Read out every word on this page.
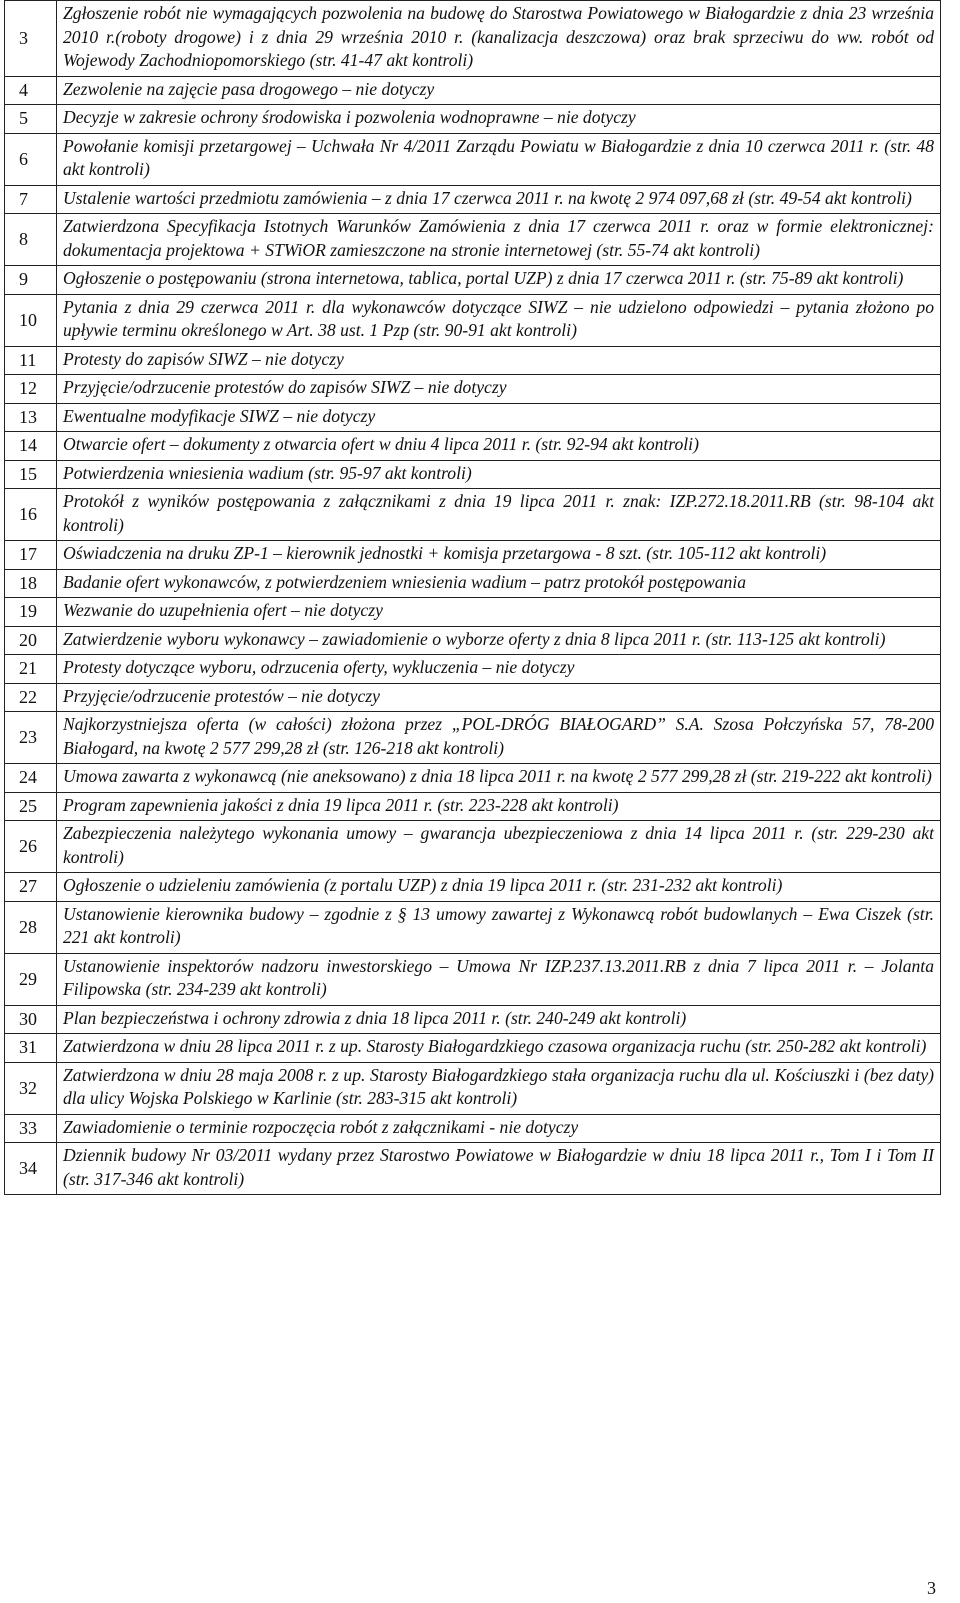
3	Zgłoszenie robót nie wymagających pozwolenia na budowę do Starostwa Powiatowego w Białogardzie z dnia 23 września 2010 r.(roboty drogowe) i z dnia 29 września 2010 r. (kanalizacja deszczowa) oraz brak sprzeciwu do ww. robót od Wojewody Zachodniopomorskiego (str. 41-47 akt kontroli)
4	Zezwolenie na zajęcie pasa drogowego – nie dotyczy
5	Decyzje w zakresie ochrony środowiska i pozwolenia wodnoprawne – nie dotyczy
6	Powołanie komisji przetargowej – Uchwała Nr 4/2011 Zarządu Powiatu w Białogardzie z dnia 10 czerwca 2011 r. (str. 48 akt kontroli)
7	Ustalenie wartości przedmiotu zamówienia – z dnia 17 czerwca 2011 r. na kwotę 2 974 097,68 zł (str. 49-54 akt kontroli)
8	Zatwierdzona Specyfikacja Istotnych Warunków Zamówienia z dnia 17 czerwca 2011 r. oraz w formie elektronicznej: dokumentacja projektowa + STWiOR zamieszczone na stronie internetowej (str. 55-74 akt kontroli)
9	Ogłoszenie o postępowaniu (strona internetowa, tablica, portal UZP) z dnia 17 czerwca 2011 r. (str. 75-89 akt kontroli)
10	Pytania z dnia 29 czerwca 2011 r. dla wykonawców dotyczące SIWZ – nie udzielono odpowiedzi – pytania złożono po upływie terminu określonego w Art. 38 ust. 1 Pzp (str. 90-91 akt kontroli)
11	Protesty do zapisów SIWZ – nie dotyczy
12	Przyjęcie/odrzucenie protestów do zapisów SIWZ – nie dotyczy
13	Ewentualne modyfikacje SIWZ – nie dotyczy
14	Otwarcie ofert – dokumenty z otwarcia ofert w dniu 4 lipca 2011 r. (str. 92-94 akt kontroli)
15	Potwierdzenia wniesienia wadium (str. 95-97 akt kontroli)
16	Protokół z wyników postępowania z załącznikami z dnia 19 lipca 2011 r. znak: IZP.272.18.2011.RB (str. 98-104 akt kontroli)
17	Oświadczenia na druku ZP-1 – kierownik jednostki + komisja przetargowa - 8 szt. (str. 105-112 akt kontroli)
18	Badanie ofert wykonawców, z potwierdzeniem wniesienia wadium – patrz protokół postępowania
19	Wezwanie do uzupełnienia ofert – nie dotyczy
20	Zatwierdzenie wyboru wykonawcy – zawiadomienie o wyborze oferty z dnia 8 lipca 2011 r. (str. 113-125 akt kontroli)
21	Protesty dotyczące wyboru, odrzucenia oferty, wykluczenia – nie dotyczy
22	Przyjęcie/odrzucenie protestów – nie dotyczy
23	Najkorzystniejsza oferta (w całości) złożona przez „POL-DRÓG BIAŁOGARD” S.A. Szosa Połczyńska 57, 78-200 Białogard, na kwotę 2 577 299,28 zł (str. 126-218 akt kontroli)
24	Umowa zawarta z wykonawcą (nie aneksowano) z dnia 18 lipca 2011 r. na kwotę 2 577 299,28 zł (str. 219-222 akt kontroli)
25	Program zapewnienia jakości z dnia 19 lipca 2011 r. (str. 223-228 akt kontroli)
26	Zabezpieczenia należytego wykonania umowy – gwarancja ubezpieczeniowa z dnia 14 lipca 2011 r. (str. 229-230 akt kontroli)
27	Ogłoszenie o udzieleniu zamówienia (z portalu UZP) z dnia 19 lipca 2011 r. (str. 231-232 akt kontroli)
28	Ustanowienie kierownika budowy – zgodnie z § 13 umowy zawartej z Wykonawcą robót budowlanych – Ewa Ciszek (str. 221 akt kontroli)
29	Ustanowienie inspektorów nadzoru inwestorskiego – Umowa Nr IZP.237.13.2011.RB z dnia 7 lipca 2011 r. – Jolanta Filipowska (str. 234-239 akt kontroli)
30	Plan bezpieczeństwa i ochrony zdrowia z dnia 18 lipca 2011 r. (str. 240-249 akt kontroli)
31	Zatwierdzona w dniu 28 lipca 2011 r. z up. Starosty Białogardzkiego czasowa organizacja ruchu (str. 250-282 akt kontroli)
32	Zatwierdzona w dniu 28 maja 2008 r. z up. Starosty Białogardzkiego stała organizacja ruchu dla ul. Kościuszki i (bez daty) dla ulicy Wojska Polskiego w Karlinie (str. 283-315 akt kontroli)
33	Zawiadomienie o terminie rozpoczęcia robót z załącznikami - nie dotyczy
34	Dziennik budowy Nr 03/2011 wydany przez Starostwo Powiatowe w Białogardzie w dniu 18 lipca 2011 r., Tom I i Tom II (str. 317-346 akt kontroli)
3
